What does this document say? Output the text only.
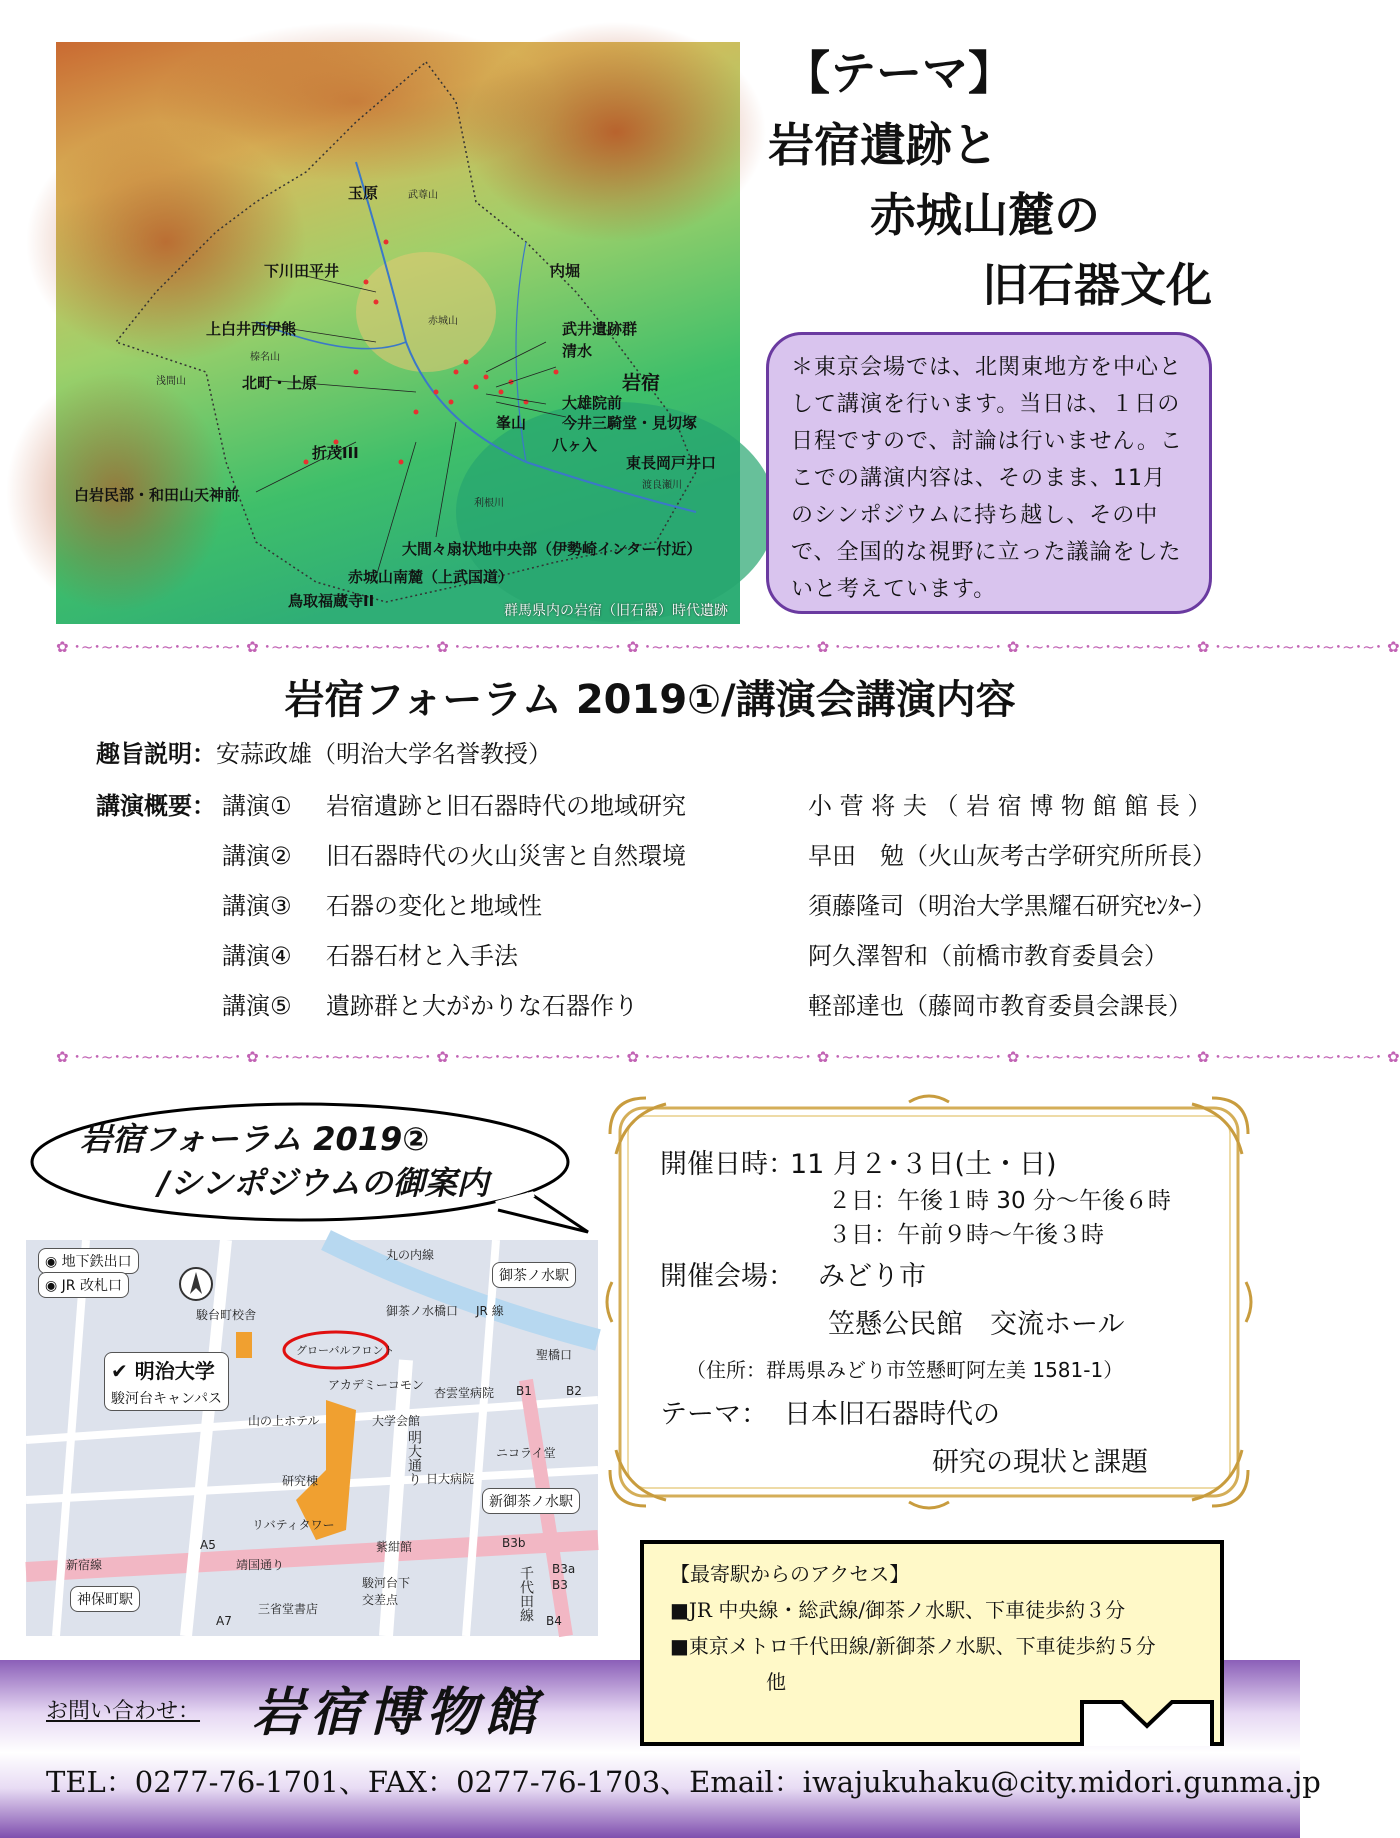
玉原	武尊山
下川田平井	内堀
上白井西伊熊	赤城山
榛名山
武井遺跡群
清水
浅間山	北町・上原	岩宿
大雄院前
峯山 今井三騎堂・見切塚
八ヶ入
折茂III
東長岡戸井口
渡良瀬川
白岩民部・和田山天神前	利根川
大間々扇状地中央部（伊勢崎インター付近）
赤城山南麓（上武国道）
鳥取福蔵寺II
群馬県内の岩宿（旧石器）時代遺跡
【テーマ】
岩宿遺跡と
赤城山麓の
旧石器文化
＊東京会場では、北関東地方を中心として講演を行います。当日は、１日の日程ですので、討論は行いません。ここでの講演内容は、そのまま、11月のシンポジウムに持ち越し、その中で、全国的な視野に立った議論をしたいと考えています。
✿ ･~･~･~･~･~･~･~･~･ ✿ ･~･~･~･~･~･~･~･~･ ✿ ･~･~･~･~･~･~･~･~･ ✿ ･~･~･~･~･~･~･~･~･ ✿ ･~･~･~･~･~･~･~･~･ ✿ ･~･~･~･~･~･~･~･~･ ✿ ･~･~･~･~･~･~･~･~･ ✿
岩宿フォーラム 2019①/講演会講演内容
趣旨説明：安蒜政雄（明治大学名誉教授）
講演概要： 講演① 岩宿遺跡と旧石器時代の地域研究	小 菅 将 夫 （ 岩 宿 博 物 館 館 長 ）
講演② 旧石器時代の火山災害と自然環境	早田　勉（火山灰考古学研究所所長）
講演③ 石器の変化と地域性	須藤隆司（明治大学黒耀石研究ｾﾝﾀｰ）
講演④ 石器石材と入手法	阿久澤智和（前橋市教育委員会）
講演⑤ 遺跡群と大がかりな石器作り	軽部達也（藤岡市教育委員会課長）
✿ ･~･~･~･~･~･~･~･~･ ✿ ･~･~･~･~･~･~･~･~･ ✿ ･~･~･~･~･~･~･~･~･ ✿ ･~･~･~･~･~･~･~･~･ ✿ ･~･~･~･~･~･~･~･~･ ✿ ･~･~･~･~･~･~･~･~･ ✿ ･~･~･~･~･~･~･~･~･ ✿
岩宿フォーラム 2019②
/シンポジウムの御案内
◉ 地下鉄出口
◉ JR 改札口
✔ 明治大学
駿河台キャンパス
丸の内線
御茶ノ水駅
駿台町校舎	御茶ノ水橋口 JR 線
聖橋口
グローバルフロント
アカデミーコモン
杏雲堂病院 B1	B2
山の上ホテル	大学会館
明大通り	ニコライ堂
研究棟	日大病院
新御茶ノ水駅
リバティタワー
A5	B3b
新宿線	靖国通り
紫紺館
B3a
B3
千代田線
神保町駅
A7
三省堂書店
駿河台下交差点
B4
開催日時：
11 月２･３日(土・日)
２日：午後１時 30 分～午後６時
３日：午前９時～午後３時
開催会場： みどり市
笠懸公民館　交流ホール
（住所：群馬県みどり市笠懸町阿左美 1581-1）
テーマ： 日本旧石器時代の
研究の現状と課題
お問い合わせ： 岩宿博物館
TEL：0277-76-1701、FAX：0277-76-1703、Email：iwajukuhaku@city.midori.gunma.jp
【最寄駅からのアクセス】
■JR 中央線・総武線/御茶ノ水駅、下車徒歩約３分
■東京メトロ千代田線/新御茶ノ水駅、下車徒歩約５分
他
